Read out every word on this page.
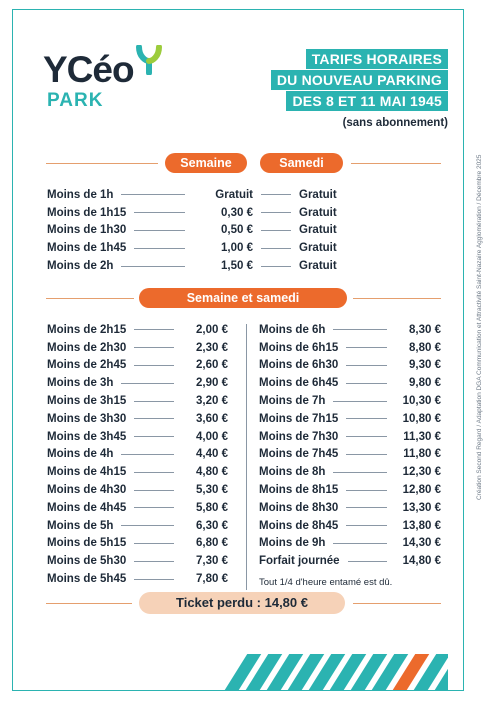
YCéo
PARK
TARIFS HORAIRES
DU NOUVEAU PARKING
DES 8 ET 11 MAI 1945
(sans abonnement)
Semaine	Samedi
Moins de 1h	Gratuit	Gratuit
Moins de 1h15	0,30 €	Gratuit
Moins de 1h30	0,50 €	Gratuit
Moins de 1h45	1,00 €	Gratuit
Moins de 2h	1,50 €	Gratuit
Semaine et samedi
Moins de 2h15	2,00 €
Moins de 2h30	2,30 €
Moins de 2h45	2,60 €
Moins de 3h	2,90 €
Moins de 3h15	3,20 €
Moins de 3h30	3,60 €
Moins de 3h45	4,00 €
Moins de 4h	4,40 €
Moins de 4h15	4,80 €
Moins de 4h30	5,30 €
Moins de 4h45	5,80 €
Moins de 5h	6,30 €
Moins de 5h15	6,80 €
Moins de 5h30	7,30 €
Moins de 5h45	7,80 €
Moins de 6h	8,30 €
Moins de 6h15	8,80 €
Moins de 6h30	9,30 €
Moins de 6h45	9,80 €
Moins de 7h	10,30 €
Moins de 7h15	10,80 €
Moins de 7h30	11,30 €
Moins de 7h45	11,80 €
Moins de 8h	12,30 €
Moins de 8h15	12,80 €
Moins de 8h30	13,30 €
Moins de 8h45	13,80 €
Moins de 9h	14,30 €
Forfait journée	14,80 €
Tout 1/4 d'heure entamé est dû.
Ticket perdu : 14,80 €
Création Second Regard / Adaptation DGA Communication et Attractivité Saint-Nazaire Agglomération / Décembre 2025
